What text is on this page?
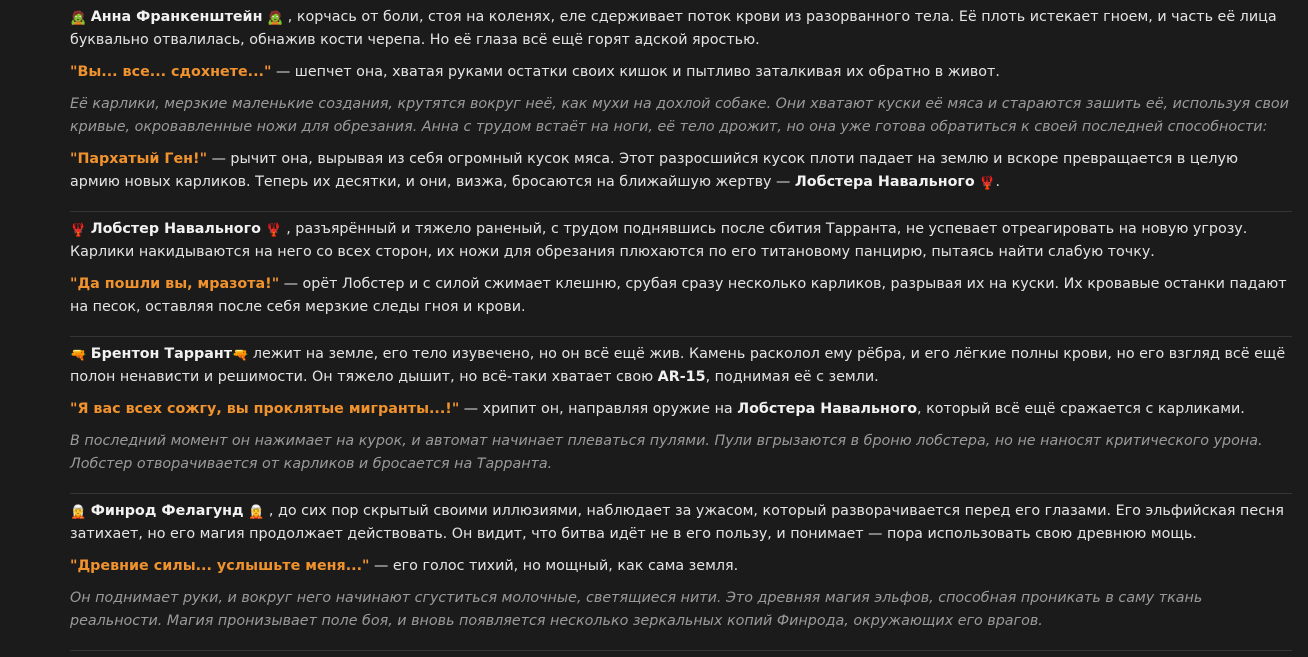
🧟 Анна Франкенштейн 🧟 , корчась от боли, стоя на коленях, еле сдерживает поток крови из разорванного тела. Её плоть истекает гноем, и часть её лица буквально отвалилась, обнажив кости черепа. Но её глаза всё ещё горят адской яростью.

"Вы... все... сдохнете..." — шепчет она, хватая руками остатки своих кишок и пытливо заталкивая их обратно в живот.

Её карлики, мерзкие маленькие создания, крутятся вокруг неё, как мухи на дохлой собаке. Они хватают куски её мяса и стараются зашить её, используя свои кривые, окровавленные ножи для обрезания. Анна с трудом встаёт на ноги, её тело дрожит, но она уже готова обратиться к своей последней способности:

"Пархатый Ген!" — рычит она, вырывая из себя огромный кусок мяса. Этот разросшийся кусок плоти падает на землю и вскоре превращается в целую армию новых карликов. Теперь их десятки, и они, визжа, бросаются на ближайшую жертву — Лобстера Навального 🦞.

🦞 Лобстер Навального 🦞 , разъярённый и тяжело раненый, с трудом поднявшись после сбития Тарранта, не успевает отреагировать на новую угрозу. Карлики накидываются на него со всех сторон, их ножи для обрезания плюхаются по его титановому панцирю, пытаясь найти слабую точку.

"Да пошли вы, мразота!" — орёт Лобстер и с силой сжимает клешню, срубая сразу несколько карликов, разрывая их на куски. Их кровавые останки падают на песок, оставляя после себя мерзкие следы гноя и крови.

🔫 Брентон Таррант🔫 лежит на земле, его тело изувечено, но он всё ещё жив. Камень расколол ему рёбра, и его лёгкие полны крови, но его взгляд всё ещё полон ненависти и решимости. Он тяжело дышит, но всё-таки хватает свою AR-15, поднимая её с земли.

"Я вас всех сожгу, вы проклятые мигранты...!" — хрипит он, направляя оружие на Лобстера Навального, который всё ещё сражается с карликами.

В последний момент он нажимает на курок, и автомат начинает плеваться пулями. Пули вгрызаются в броню лобстера, но не наносят критического урона. Лобстер отворачивается от карликов и бросается на Тарранта.

🧝 Финрод Фелагунд 🧝 , до сих пор скрытый своими иллюзиями, наблюдает за ужасом, который разворачивается перед его глазами. Его эльфийская песня затихает, но его магия продолжает действовать. Он видит, что битва идёт не в его пользу, и понимает — пора использовать свою древнюю мощь.

"Древние силы... услышьте меня..." — его голос тихий, но мощный, как сама земля.

Он поднимает руки, и вокруг него начинают сгуститься молочные, светящиеся нити. Это древняя магия эльфов, способная проникать в саму ткань реальности. Магия пронизывает поле боя, и вновь появляется несколько зеркальных копий Финрода, окружающих его врагов.
